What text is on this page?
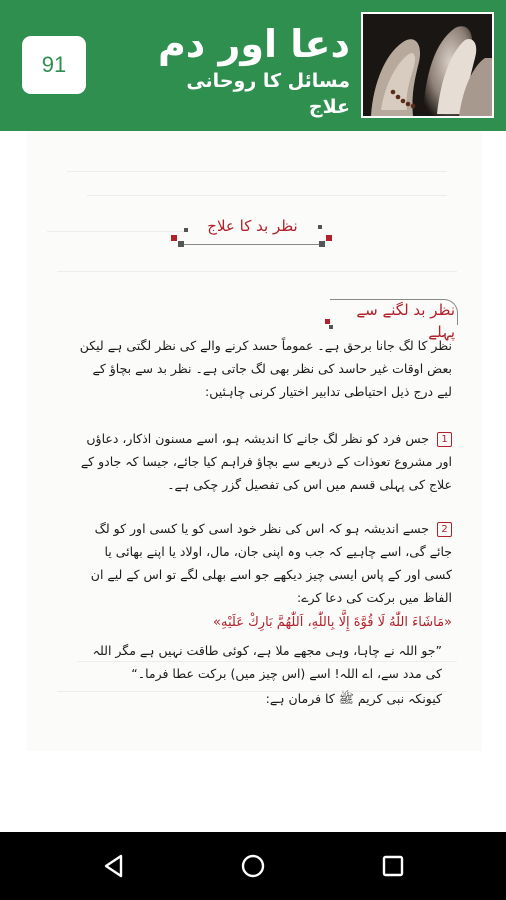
91 دعا اور دم
مسائل کا روحانی علاج
نظر بد کا علاج
نظر بد لگنے سے پہلے
نظر کا لگ جانا برحق ہے۔ عموماً حسد کرنے والے کی نظر لگتی ہے لیکن بعض اوقات غیر حاسد کی نظر بھی لگ جاتی ہے۔ نظر بد سے بچاؤ کے لیے درج ذیل احتیاطی تدابیر اختیار کرنی چاہئیں:
1 جس فرد کو نظر لگ جانے کا اندیشہ ہو، اسے مسنون اذکار، دعاؤں اور مشروع تعوذات کے ذریعے سے بچاؤ فراہم کیا جائے، جیسا کہ جادو کے علاج کی پہلی قسم میں اس کی تفصیل گزر چکی ہے۔
2 جسے اندیشہ ہو کہ اس کی نظر خود اسی کو یا کسی اور کو لگ جائے گی، اسے چاہیے کہ جب وہ اپنی جان، مال، اولاد یا اپنے بھائی یا کسی اور کے پاس ایسی چیز دیکھے جو اسے بھلی لگے تو اس کے لیے ان الفاظ میں برکت کی دعا کرے:
«مَاشَاءَ اللّٰهُ لَا قُوَّةَ إِلَّا بِاللّٰهِ، اَللّٰهُمَّ بَارِكْ عَلَيْهِ»
”جو اللہ نے چاہا، وہی مجھے ملا ہے، کوئی طاقت نہیں ہے مگر اللہ کی مدد سے، اے اللہ! اسے (اس چیز میں) برکت عطا فرما۔“
کیونکہ نبی کریم ﷺ کا فرمان ہے:
